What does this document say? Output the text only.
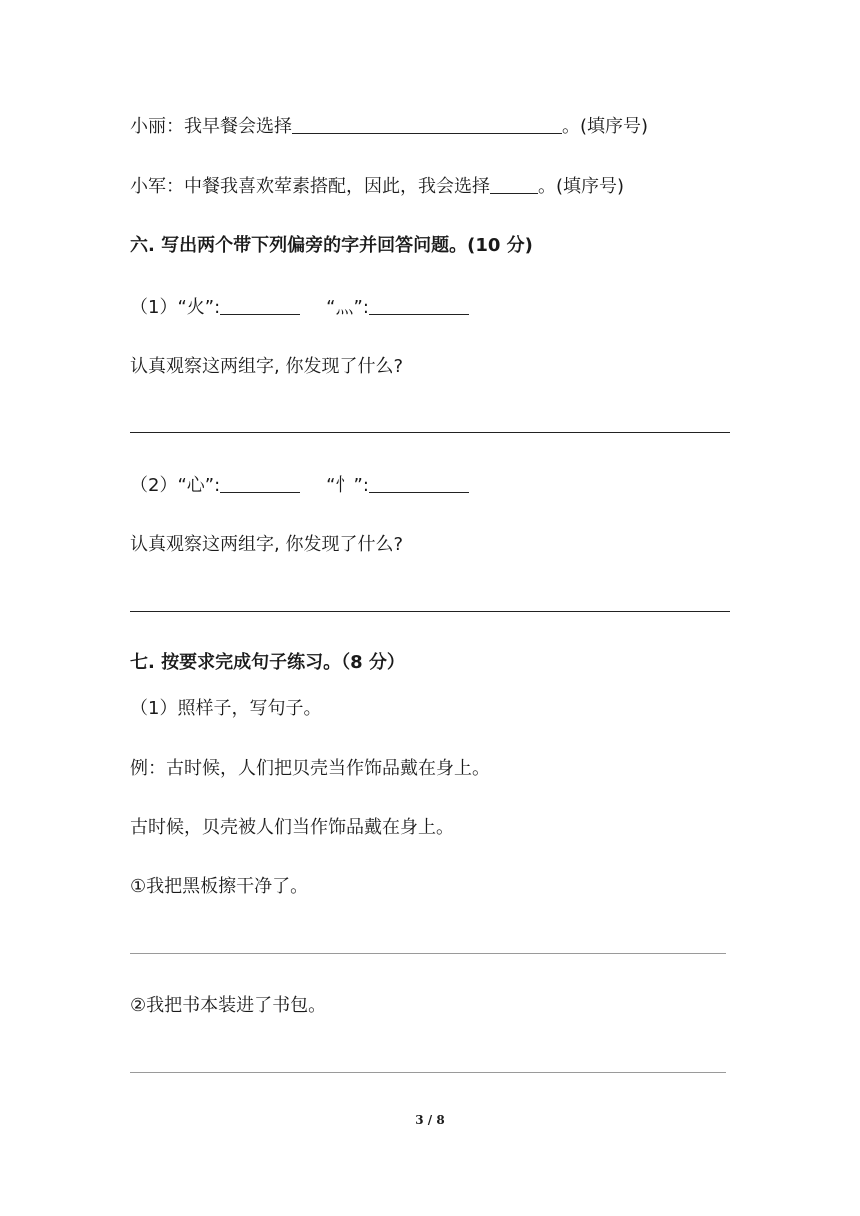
小丽：我早餐会选择	。(填序号)
小军：中餐我喜欢荤素搭配，因此，我会选择	。(填序号)
六. 写出两个带下列偏旁的字并回答问题。(10 分)
（1）“火”:	“灬”:
认真观察这两组字, 你发现了什么?
（2）“心”:	“忄”:
认真观察这两组字, 你发现了什么?
七. 按要求完成句子练习。（8 分）
（1）照样子，写句子。
例：古时候，人们把贝壳当作饰品戴在身上。
古时候，贝壳被人们当作饰品戴在身上。
①我把黑板擦干净了。
②我把书本装进了书包。
3 / 8
